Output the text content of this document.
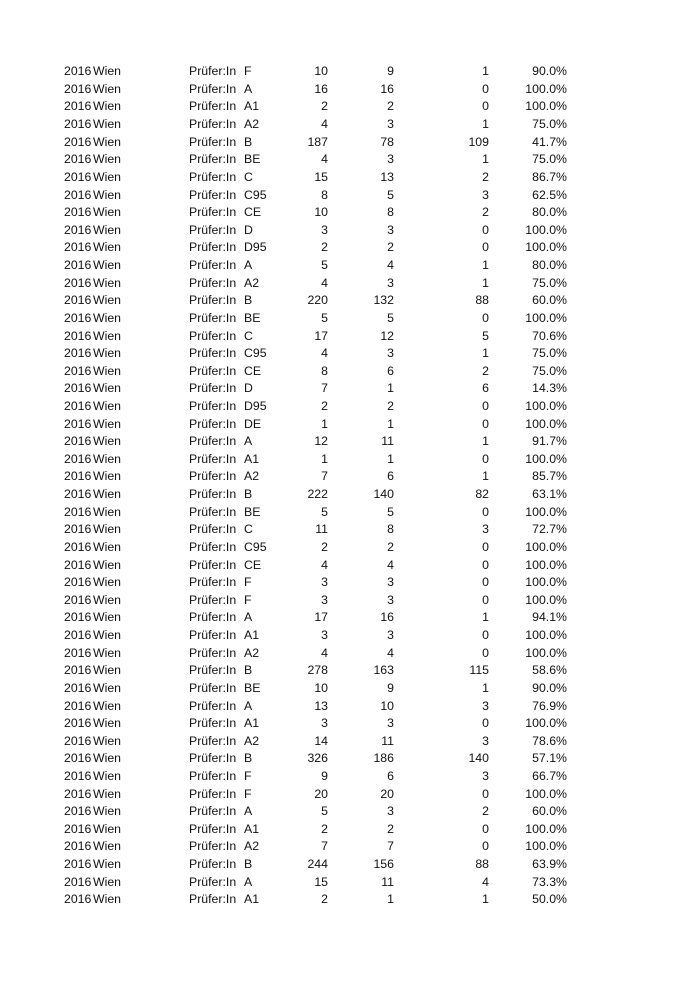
2016 Wien	Prüfer:In F	10	9	1	90.0%
2016 Wien	Prüfer:In A	16	16	0	100.0%
2016 Wien	Prüfer:In A1	2	2	0	100.0%
2016 Wien	Prüfer:In A2	4	3	1	75.0%
2016 Wien	Prüfer:In B	187	78	109	41.7%
2016 Wien	Prüfer:In BE	4	3	1	75.0%
2016 Wien	Prüfer:In C	15	13	2	86.7%
2016 Wien	Prüfer:In C95	8	5	3	62.5%
2016 Wien	Prüfer:In CE	10	8	2	80.0%
2016 Wien	Prüfer:In D	3	3	0	100.0%
2016 Wien	Prüfer:In D95	2	2	0	100.0%
2016 Wien	Prüfer:In A	5	4	1	80.0%
2016 Wien	Prüfer:In A2	4	3	1	75.0%
2016 Wien	Prüfer:In B	220	132	88	60.0%
2016 Wien	Prüfer:In BE	5	5	0	100.0%
2016 Wien	Prüfer:In C	17	12	5	70.6%
2016 Wien	Prüfer:In C95	4	3	1	75.0%
2016 Wien	Prüfer:In CE	8	6	2	75.0%
2016 Wien	Prüfer:In D	7	1	6	14.3%
2016 Wien	Prüfer:In D95	2	2	0	100.0%
2016 Wien	Prüfer:In DE	1	1	0	100.0%
2016 Wien	Prüfer:In A	12	11	1	91.7%
2016 Wien	Prüfer:In A1	1	1	0	100.0%
2016 Wien	Prüfer:In A2	7	6	1	85.7%
2016 Wien	Prüfer:In B	222	140	82	63.1%
2016 Wien	Prüfer:In BE	5	5	0	100.0%
2016 Wien	Prüfer:In C	11	8	3	72.7%
2016 Wien	Prüfer:In C95	2	2	0	100.0%
2016 Wien	Prüfer:In CE	4	4	0	100.0%
2016 Wien	Prüfer:In F	3	3	0	100.0%
2016 Wien	Prüfer:In F	3	3	0	100.0%
2016 Wien	Prüfer:In A	17	16	1	94.1%
2016 Wien	Prüfer:In A1	3	3	0	100.0%
2016 Wien	Prüfer:In A2	4	4	0	100.0%
2016 Wien	Prüfer:In B	278	163	115	58.6%
2016 Wien	Prüfer:In BE	10	9	1	90.0%
2016 Wien	Prüfer:In A	13	10	3	76.9%
2016 Wien	Prüfer:In A1	3	3	0	100.0%
2016 Wien	Prüfer:In A2	14	11	3	78.6%
2016 Wien	Prüfer:In B	326	186	140	57.1%
2016 Wien	Prüfer:In F	9	6	3	66.7%
2016 Wien	Prüfer:In F	20	20	0	100.0%
2016 Wien	Prüfer:In A	5	3	2	60.0%
2016 Wien	Prüfer:In A1	2	2	0	100.0%
2016 Wien	Prüfer:In A2	7	7	0	100.0%
2016 Wien	Prüfer:In B	244	156	88	63.9%
2016 Wien	Prüfer:In A	15	11	4	73.3%
2016 Wien	Prüfer:In A1	2	1	1	50.0%
